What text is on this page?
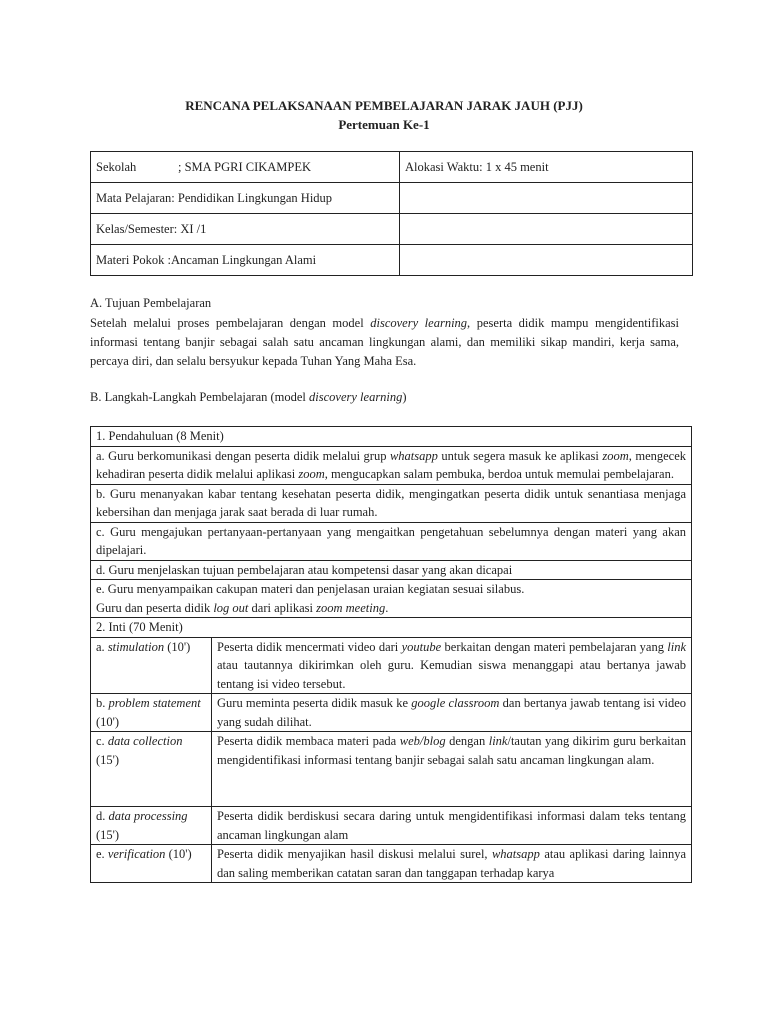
RENCANA PELAKSANAAN PEMBELAJARAN JARAK JAUH (PJJ)
Pertemuan Ke-1
Sekolah ; SMA PGRI CIKAMPEK	Alokasi Waktu: 1 x 45 menit
Mata Pelajaran: Pendidikan Lingkungan Hidup	
Kelas/Semester: XI /1	
Materi Pokok :Ancaman Lingkungan Alami	
A. Tujuan Pembelajaran
Setelah melalui proses pembelajaran dengan model discovery learning, peserta didik mampu mengidentifikasi informasi tentang banjir sebagai salah satu ancaman lingkungan alami, dan memiliki sikap mandiri, kerja sama, percaya diri, dan selalu bersyukur kepada Tuhan Yang Maha Esa.
B. Langkah-Langkah Pembelajaran (model discovery learning)
1. Pendahuluan (8 Menit)	
a. Guru berkomunikasi dengan peserta didik melalui grup whatsapp untuk segera masuk ke aplikasi zoom, mengecek kehadiran peserta didik melalui aplikasi zoom, mengucapkan salam pembuka, berdoa untuk memulai pembelajaran.	
b. Guru menanyakan kabar tentang kesehatan peserta didik, mengingatkan peserta didik untuk senantiasa menjaga kebersihan dan menjaga jarak saat berada di luar rumah.	
c. Guru mengajukan pertanyaan-pertanyaan yang mengaitkan pengetahuan sebelumnya dengan materi yang akan dipelajari.	
d. Guru menjelaskan tujuan pembelajaran atau kompetensi dasar yang akan dicapai	
e. Guru menyampaikan cakupan materi dan penjelasan uraian kegiatan sesuai silabus.
Guru dan peserta didik log out dari aplikasi zoom meeting.	
2. Inti (70 Menit)	
a. stimulation (10')	Peserta didik mencermati video dari youtube berkaitan dengan materi pembelajaran yang link atau tautannya dikirimkan oleh guru. Kemudian siswa menanggapi atau bertanya jawab tentang isi video tersebut.
b. problem statement (10')	Guru meminta peserta didik masuk ke google classroom dan bertanya jawab tentang isi video yang sudah dilihat.
c. data collection (15')	Peserta didik membaca materi pada web/blog dengan link/tautan yang dikirim guru berkaitan mengidentifikasi informasi tentang banjir sebagai salah satu ancaman lingkungan alam.
d. data processing (15')	Peserta didik berdiskusi secara daring untuk mengidentifikasi informasi dalam teks tentang ancaman lingkungan alam
e. verification (10')	Peserta didik menyajikan hasil diskusi melalui surel, whatsapp atau aplikasi daring lainnya dan saling memberikan catatan saran dan tanggapan terhadap karya
